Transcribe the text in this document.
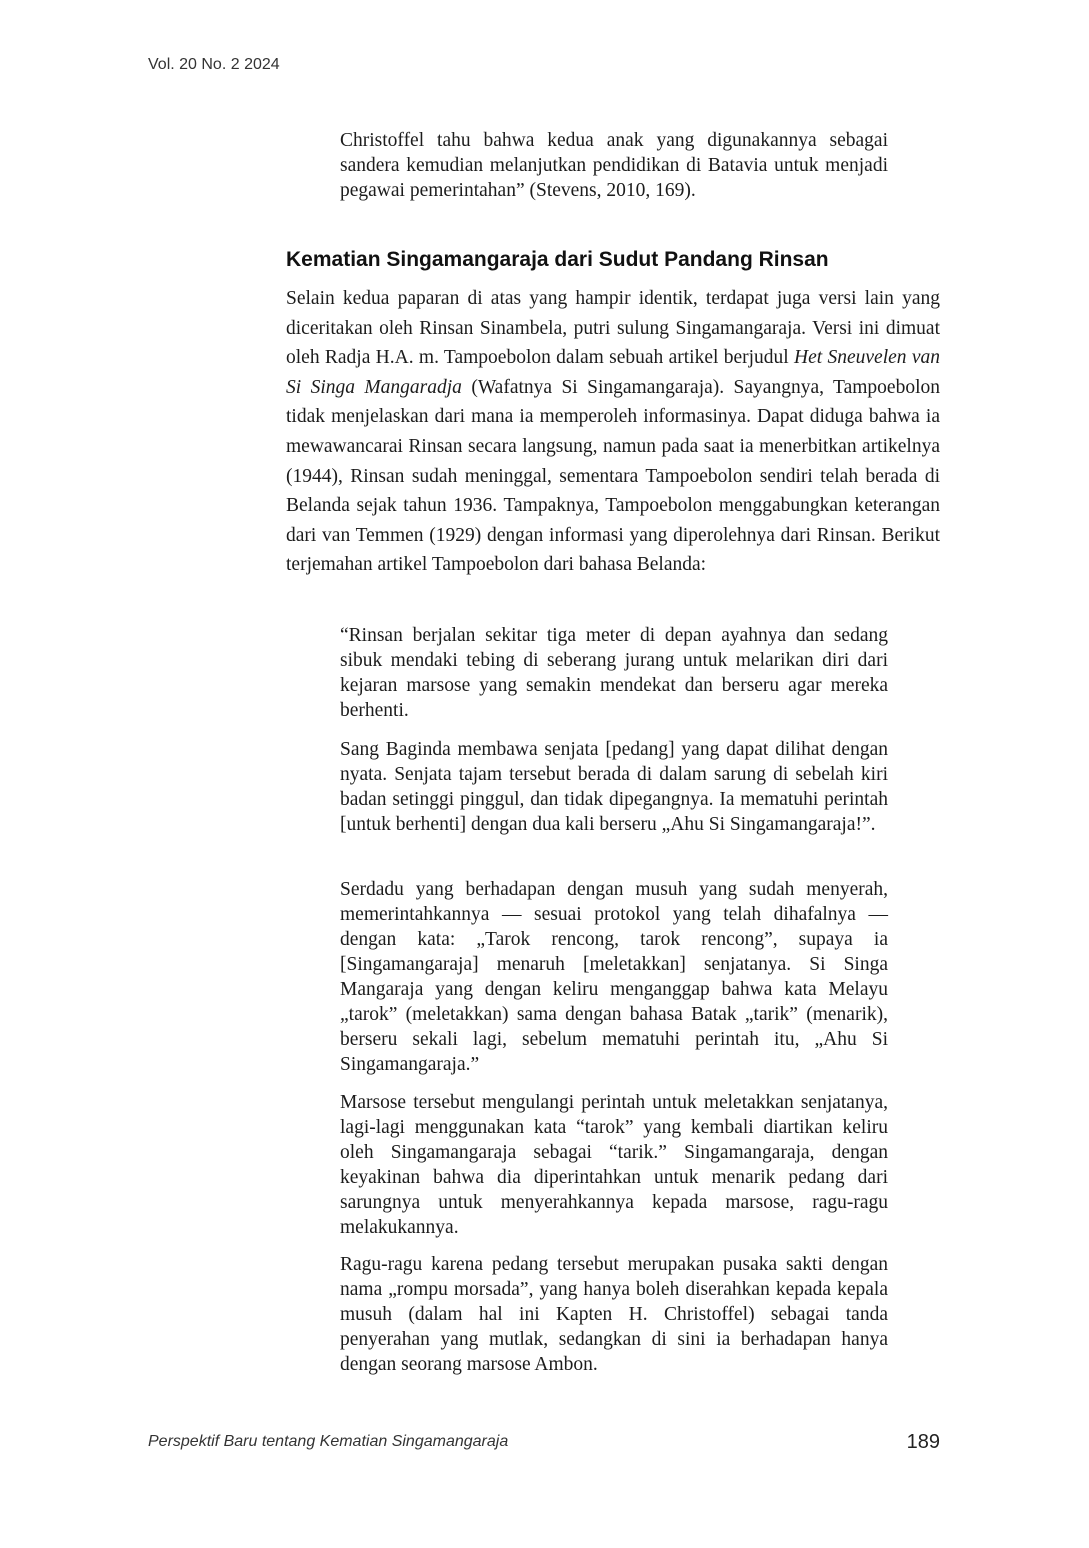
Vol. 20 No. 2 2024

Christoffel tahu bahwa kedua anak yang digunakannya sebagai sandera kemudian melanjutkan pendidikan di Batavia untuk menjadi pegawai pemerintahan” (Stevens, 2010, 169).

Kematian Singamangaraja dari Sudut Pandang Rinsan

Selain kedua paparan di atas yang hampir identik, terdapat juga versi lain yang diceritakan oleh Rinsan Sinambela, putri sulung Singamangaraja. Versi ini dimuat oleh Radja H.A. m. Tampoebolon dalam sebuah artikel berjudul Het Sneuvelen van Si Singa Mangaradja (Wafatnya Si Singamangaraja). Sayangnya, Tampoebolon tidak menjelaskan dari mana ia memperoleh informasinya. Dapat diduga bahwa ia mewawancarai Rinsan secara langsung, namun pada saat ia menerbitkan artikelnya (1944), Rinsan sudah meninggal, sementara Tampoebolon sendiri telah berada di Belanda sejak tahun 1936. Tampaknya, Tampoebolon menggabungkan keterangan dari van Temmen (1929) dengan informasi yang diperolehnya dari Rinsan. Berikut terjemahan artikel Tampoebolon dari bahasa Belanda:

“Rinsan berjalan sekitar tiga meter di depan ayahnya dan sedang sibuk mendaki tebing di seberang jurang untuk melarikan diri dari kejaran marsose yang semakin mendekat dan berseru agar mereka berhenti.

Sang Baginda membawa senjata [pedang] yang dapat dilihat dengan nyata. Senjata tajam tersebut berada di dalam sarung di sebelah kiri badan setinggi pinggul, dan tidak dipegangnya. Ia mematuhi perintah [untuk berhenti] dengan dua kali berseru „Ahu Si Singamangaraja!”.

Serdadu yang berhadapan dengan musuh yang sudah menyerah, memerintahkannya — sesuai protokol yang telah dihafalnya — dengan kata: „Tarok rencong, tarok rencong”, supaya ia [Singamangaraja] menaruh [meletakkan] senjatanya. Si Singa Mangaraja yang dengan keliru menganggap bahwa kata Melayu „tarok” (meletakkan) sama dengan bahasa Batak „tarik” (menarik), berseru sekali lagi, sebelum mematuhi perintah itu, „Ahu Si Singamangaraja.”

Marsose tersebut mengulangi perintah untuk meletakkan senjatanya, lagi-lagi menggunakan kata “tarok” yang kembali diartikan keliru oleh Singamangaraja sebagai “tarik.” Singamangaraja, dengan keyakinan bahwa dia diperintahkan untuk menarik pedang dari sarungnya untuk menyerahkannya kepada marsose, ragu-ragu melakukannya.

Ragu-ragu karena pedang tersebut merupakan pusaka sakti dengan nama „rompu morsada”, yang hanya boleh diserahkan kepada kepala musuh (dalam hal ini Kapten H. Christoffel) sebagai tanda penyerahan yang mutlak, sedangkan di sini ia berhadapan hanya dengan seorang marsose Ambon.

Perspektif Baru tentang Kematian Singamangaraja	189
